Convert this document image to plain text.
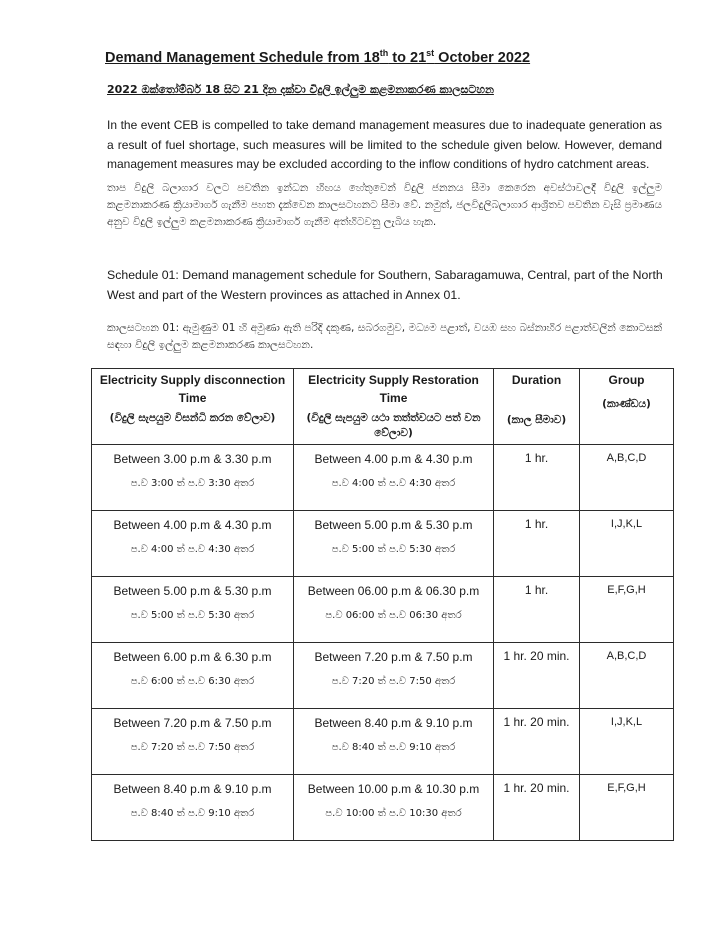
Demand Management Schedule from 18th to 21st October 2022
2022 ඔක්තෝම්බර් 18 සිට 21 දින දක්වා විදුලි ඉල්ලුම කළමනාකරණ කාලසටහන
In the event CEB is compelled to take demand management measures due to inadequate generation as a result of fuel shortage, such measures will be limited to the schedule given below. However, demand management measures may be excluded according to the inflow conditions of hydro catchment areas.
තාප විදුලි බලාගාර වලට පවතින ඉන්ධන හිඟය හේතුවෙන් විදුලි ජනනය සීමා කෙරෙන අවස්ථාවලදී විදුලි ඉල්ලුම කළමනාකරණ ක්‍රියාමාර්ග ගැනීම පහත දැක්වෙන කාලසටහනට සීමා වේ. නමුත්, ජලවිදුලිබලාගාර ආශ්‍රිතව පවතින වැසි ප්‍රමාණය අනුව විදුලි ඉල්ලුම කළමනාකරණ ක්‍රියාමාර්ග ගැනීම අත්හිටවනු ලැබිය හැක.
Schedule 01: Demand management schedule for Southern, Sabaragamuwa, Central, part of the North West and part of the Western provinces as attached in Annex 01.
කාලසටහන 01: ඇමුණුම 01 හි අමුණා ඇති පරිදි දකුණ, සබරගමුව, මධ්‍යම පළාත්, වයඹ සහ බස්නාහිර පළාත්වලින් කොටසක් සඳහා විදුලි ඉල්ලුම කළමනාකරණ කාලසටහන.
Electricity Supply disconnection Time
(විදුලි සැපයුම විසන්ධි කරන වේලාව)	Electricity Supply Restoration Time
(විදුලි සැපයුම යථා තත්ත්වයට පත් වන වේලාව)	Duration
(කාල සීමාව)	Group
(කාණ්ඩය)

Between 3.00 p.m & 3.30 p.m
ප.ව 3:00 ත් ප.ව 3:30 අතර	Between 4.00 p.m & 4.30 p.m
ප.ව 4:00 ත් ප.ව 4:30 අතර	1 hr.	A,B,C,D

Between 4.00 p.m & 4.30 p.m
ප.ව 4:00 ත් ප.ව 4:30 අතර	Between 5.00 p.m & 5.30 p.m
ප.ව 5:00 ත් ප.ව 5:30 අතර	1 hr.	I,J,K,L

Between 5.00 p.m & 5.30 p.m
ප.ව 5:00 ත් ප.ව 5:30 අතර	Between 06.00 p.m & 06.30 p.m
ප.ව 06:00 ත් ප.ව 06:30 අතර	1 hr.	E,F,G,H

Between 6.00 p.m & 6.30 p.m
ප.ව 6:00 ත් ප.ව 6:30 අතර	Between 7.20 p.m & 7.50 p.m
ප.ව 7:20 ත් ප.ව 7:50 අතර	1 hr. 20 min.	A,B,C,D

Between 7.20 p.m & 7.50 p.m
ප.ව 7:20 ත් ප.ව 7:50 අතර	Between 8.40 p.m & 9.10 p.m
ප.ව 8:40 ත් ප.ව 9:10 අතර	1 hr. 20 min.	I,J,K,L

Between 8.40 p.m & 9.10 p.m
ප.ව 8:40 ත් ප.ව 9:10 අතර	Between 10.00 p.m & 10.30 p.m
ප.ව 10:00 ත් ප.ව 10:30 අතර	1 hr. 20 min.	E,F,G,H
